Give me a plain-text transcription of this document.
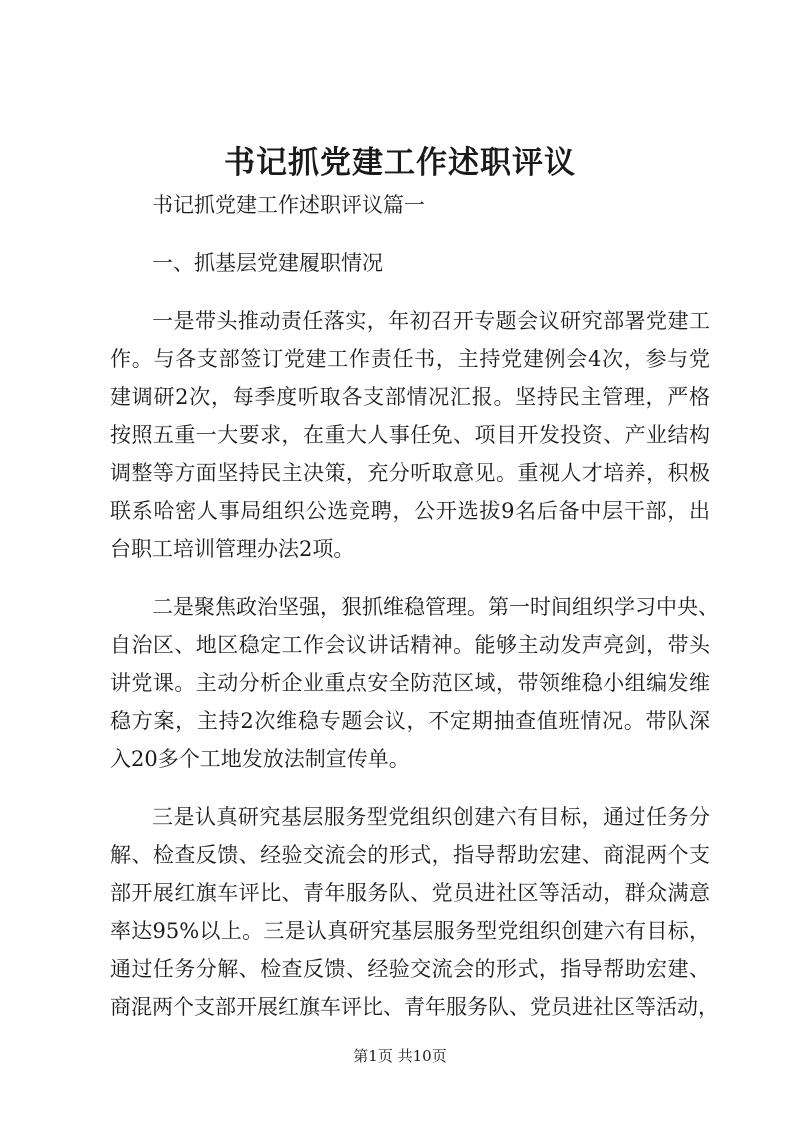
书记抓党建工作述职评议
书记抓党建工作述职评议篇一
一、抓基层党建履职情况
一是带头推动责任落实，年初召开专题会议研究部署党建工
作。与各支部签订党建工作责任书，主持党建例会4次，参与党
建调研2次，每季度听取各支部情况汇报。坚持民主管理，严格
按照五重一大要求，在重大人事任免、项目开发投资、产业结构
调整等方面坚持民主决策，充分听取意见。重视人才培养，积极
联系哈密人事局组织公选竞聘，公开选拔9名后备中层干部，出
台职工培训管理办法2项。
二是聚焦政治坚强，狠抓维稳管理。第一时间组织学习中央、
自治区、地区稳定工作会议讲话精神。能够主动发声亮剑，带头
讲党课。主动分析企业重点安全防范区域，带领维稳小组编发维
稳方案，主持2次维稳专题会议，不定期抽查值班情况。带队深
入20多个工地发放法制宣传单。
三是认真研究基层服务型党组织创建六有目标，通过任务分
解、检查反馈、经验交流会的形式，指导帮助宏建、商混两个支
部开展红旗车评比、青年服务队、党员进社区等活动，群众满意
率达95%以上。三是认真研究基层服务型党组织创建六有目标，
通过任务分解、检查反馈、经验交流会的形式，指导帮助宏建、
商混两个支部开展红旗车评比、青年服务队、党员进社区等活动，
第1页 共10页
